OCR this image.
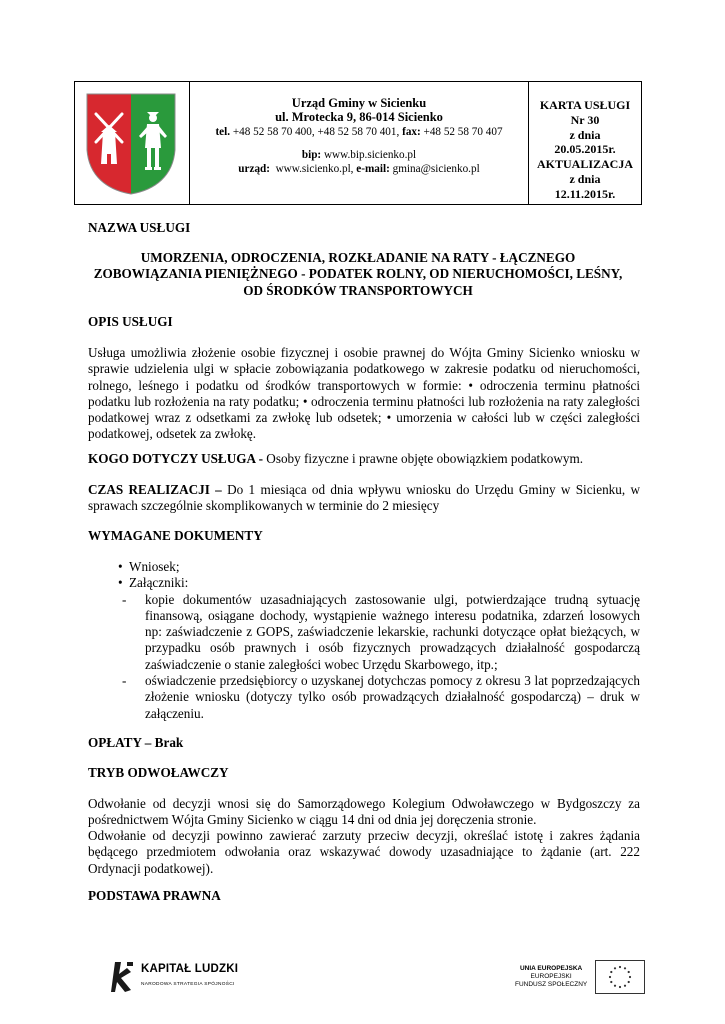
Urząd Gminy w Sicienku
ul. Mrotecka 9, 86-014 Sicienko
tel. +48 52 58 70 400, +48 52 58 70 401, fax: +48 52 58 70 407
bip: www.bip.sicienko.pl
urząd: www.sicienko.pl, e-mail: gmina@sicienko.pl
KARTA USŁUGI
Nr 30
z dnia
20.05.2015r.
AKTUALIZACJA
z dnia
12.11.2015r.
NAZWA USŁUGI
UMORZENIA, ODROCZENIA, ROZKŁADANIE NA RATY - ŁĄCZNEGO
ZOBOWIĄZANIA PIENIĘŻNEGO - PODATEK ROLNY, OD NIERUCHOMOŚCI, LEŚNY,
OD ŚRODKÓW TRANSPORTOWYCH
OPIS USŁUGI
Usługa umożliwia złożenie osobie fizycznej i osobie prawnej do Wójta Gminy Sicienko wniosku w sprawie udzielenia ulgi w spłacie zobowiązania podatkowego w zakresie podatku od nieruchomości, rolnego, leśnego i podatku od środków transportowych w formie: • odroczenia terminu płatności podatku lub rozłożenia na raty podatku; • odroczenia terminu płatności lub rozłożenia na raty zaległości podatkowej wraz z odsetkami za zwłokę lub odsetek; • umorzenia w całości lub w części zaległości podatkowej, odsetek za zwłokę.
KOGO DOTYCZY USŁUGA - Osoby fizyczne i prawne objęte obowiązkiem podatkowym.
CZAS REALIZACJI – Do 1 miesiąca od dnia wpływu wniosku do Urzędu Gminy w Sicienku, w sprawach szczególnie skomplikowanych w terminie do 2 miesięcy
WYMAGANE DOKUMENTY
• Wniosek;
• Załączniki:
- kopie dokumentów uzasadniających zastosowanie ulgi, potwierdzające trudną sytuację finansową, osiągane dochody, wystąpienie ważnego interesu podatnika, zdarzeń losowych np: zaświadczenie z GOPS, zaświadczenie lekarskie, rachunki dotyczące opłat bieżących, w przypadku osób prawnych i osób fizycznych prowadzących działalność gospodarczą zaświadczenie o stanie zaległości wobec Urzędu Skarbowego, itp.;
- oświadczenie przedsiębiorcy o uzyskanej dotychczas pomocy z okresu 3 lat poprzedzających złożenie wniosku (dotyczy tylko osób prowadzących działalność gospodarczą) – druk w załączeniu.
OPŁATY – Brak
TRYB ODWOŁAWCZY
Odwołanie od decyzji wnosi się do Samorządowego Kolegium Odwoławczego w Bydgoszczy za pośrednictwem Wójta Gminy Sicienko w ciągu 14 dni od dnia jej doręczenia stronie.
Odwołanie od decyzji powinno zawierać zarzuty przeciw decyzji, określać istotę i zakres żądania będącego przedmiotem odwołania oraz wskazywać dowody uzasadniające to żądanie (art. 222 Ordynacji podatkowej).
PODSTAWA PRAWNA
KAPITAŁ LUDZKI
NARODOWA STRATEGIA SPÓJNOŚCI
UNIA EUROPEJSKA
EUROPEJSKI
FUNDUSZ SPOŁECZNY
